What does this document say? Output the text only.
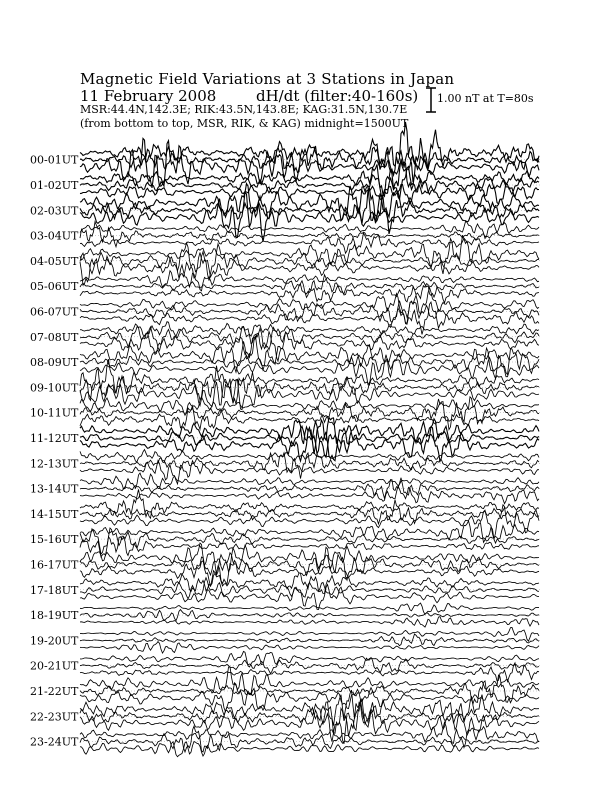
00-01UT
01-02UT
02-03UT
03-04UT
04-05UT
05-06UT
06-07UT
07-08UT
08-09UT
09-10UT
10-11UT
11-12UT
12-13UT
13-14UT
14-15UT
15-16UT
16-17UT
17-18UT
18-19UT
19-20UT
20-21UT
21-22UT
22-23UT
23-24UT
Magnetic Field Variations at 3 Stations in Japan
11 February 2008	dH/dt (filter:40-160s)
MSR:44.4N,142.3E; RIK:43.5N,143.8E; KAG:31.5N,130.7E
(from bottom to top, MSR, RIK, & KAG) midnight=1500UT
1.00 nT at T=80s
